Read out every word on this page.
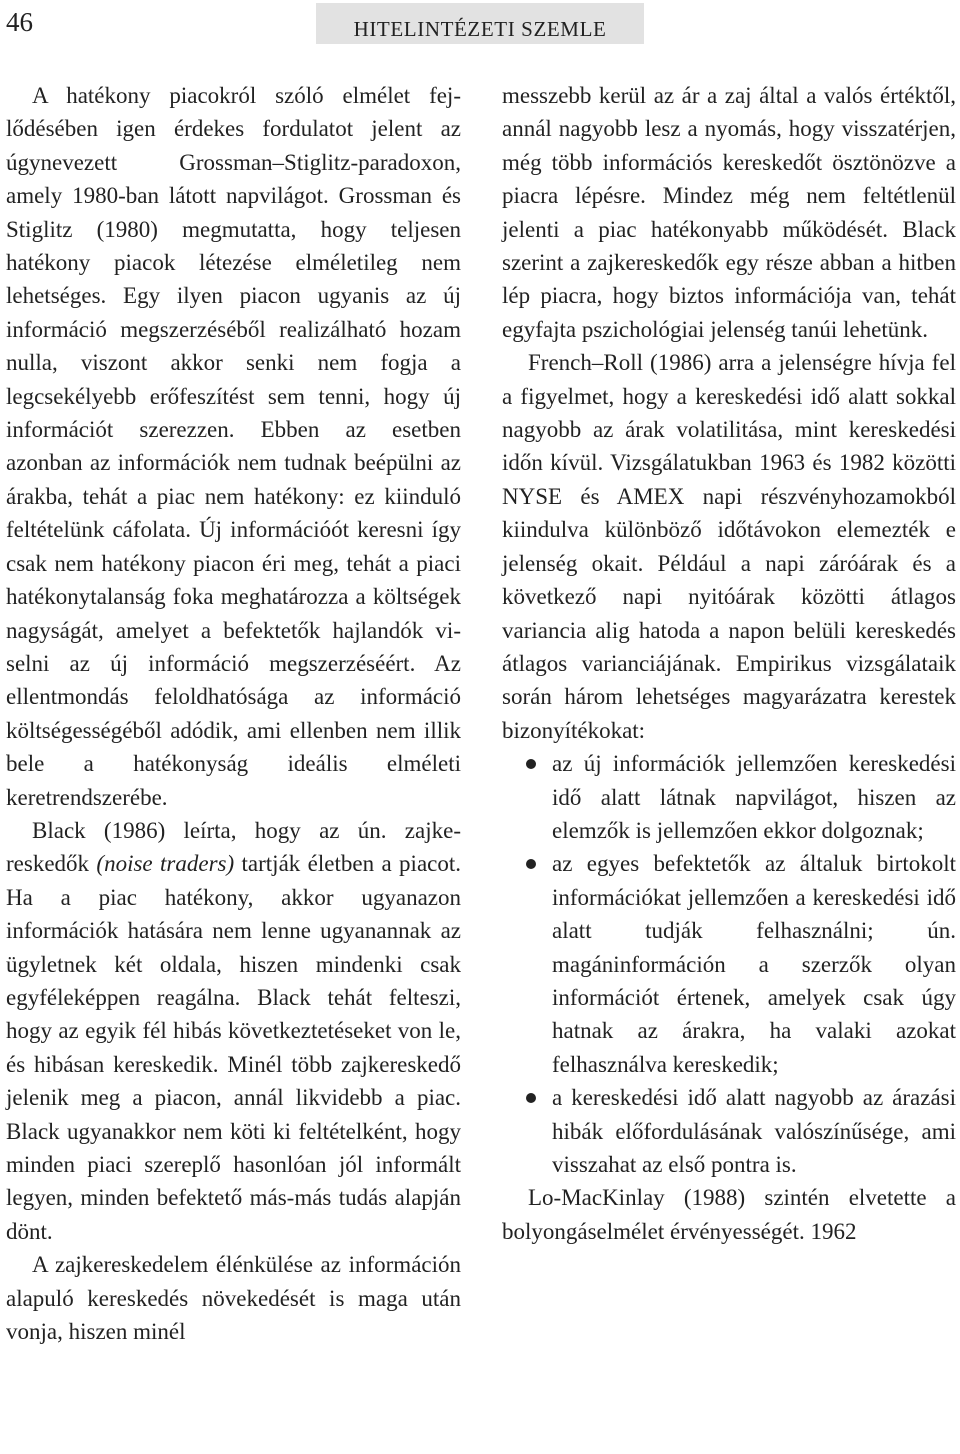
46	HITELINTÉZETI SZEMLE

A hatékony piacokról szóló elmélet fejlődésében igen érdekes fordulatot jelent az úgynevezett Grossman–Stiglitz-paradoxon, amely 1980-ban látott napvilágot. Grossman és Stiglitz (1980) megmutatta, hogy teljesen hatékony piacok létezése elméletileg nem lehetséges. Egy ilyen piacon ugyanis az új információ megszerzéséből realizálható hozam nulla, viszont akkor senki nem fogja a legcsekélyebb erőfeszítést sem tenni, hogy új információt szerezzen. Ebben az esetben azonban az információk nem tudnak beépülni az árakba, tehát a piac nem hatékony: ez kiinduló feltételünk cáfolata. Új információót keresni így csak nem hatékony piacon éri meg, tehát a piaci hatékonytalanság foka meghatározza a költségek nagyságát, amelyet a befektetők hajlandók viselni az új információ megszerzéséért. Az ellentmondás feloldhatósága az információ költségességéből adódik, ami ellenben nem illik bele a hatékonyság ideális elméleti keretrendszerébe.

Black (1986) leírta, hogy az ún. zajkereskedők (noise traders) tartják életben a piacot. Ha a piac hatékony, akkor ugyanazon információk hatására nem lenne ugyanannak az ügyletnek két oldala, hiszen mindenki csak egyféleképpen reagálna. Black tehát felteszi, hogy az egyik fél hibás következtetéseket von le, és hibásan kereskedik. Minél több zajkereskedő jelenik meg a piacon, annál likvidebb a piac. Black ugyanakkor nem köti ki feltételként, hogy minden piaci szereplő hasonlóan jól informált legyen, minden befektető más-más tudás alapján dönt.

A zajkereskedelem élénkülése az információn alapuló kereskedés növekedését is maga után vonja, hiszen minél

messzebb kerül az ár a zaj által a valós értéktől, annál nagyobb lesz a nyomás, hogy visszatérjen, még több információs kereskedőt ösztönözve a piacra lépésre. Mindez még nem feltétlenül jelenti a piac hatékonyabb működését. Black szerint a zajkereskedők egy része abban a hitben lép piacra, hogy biztos információja van, tehát egyfajta pszichológiai jelenség tanúi lehetünk.

French–Roll (1986) arra a jelenségre hívja fel a figyelmet, hogy a kereskedési idő alatt sokkal nagyobb az árak volatilitása, mint kereskedési időn kívül. Vizsgálatukban 1963 és 1982 közötti NYSE és AMEX napi részvényhozamokból kiindulva különböző időtávokon elemezték e jelenség okait. Például a napi záróárak és a következő napi nyitóárak közötti átlagos variancia alig hatoda a napon belüli kereskedés átlagos varianciájának. Empirikus vizsgálataik során három lehetséges magyarázatra kerestek bizonyítékokat:

az új információk jellemzően kereskedési idő alatt látnak napvilágot, hiszen az elemzők is jellemzően ekkor dolgoznak;
az egyes befektetők az általuk birtokolt információkat jellemzően a kereskedési idő alatt tudják felhasználni; ún. magáninformáción a szerzők olyan információt értenek, amelyek csak úgy hatnak az árakra, ha valaki azokat felhasználva kereskedik;
a kereskedési idő alatt nagyobb az árazási hibák előfordulásának valószínűsége, ami visszahat az első pontra is.

Lo-MacKinlay (1988) szintén elvetette a bolyongáselmélet érvényességét. 1962
